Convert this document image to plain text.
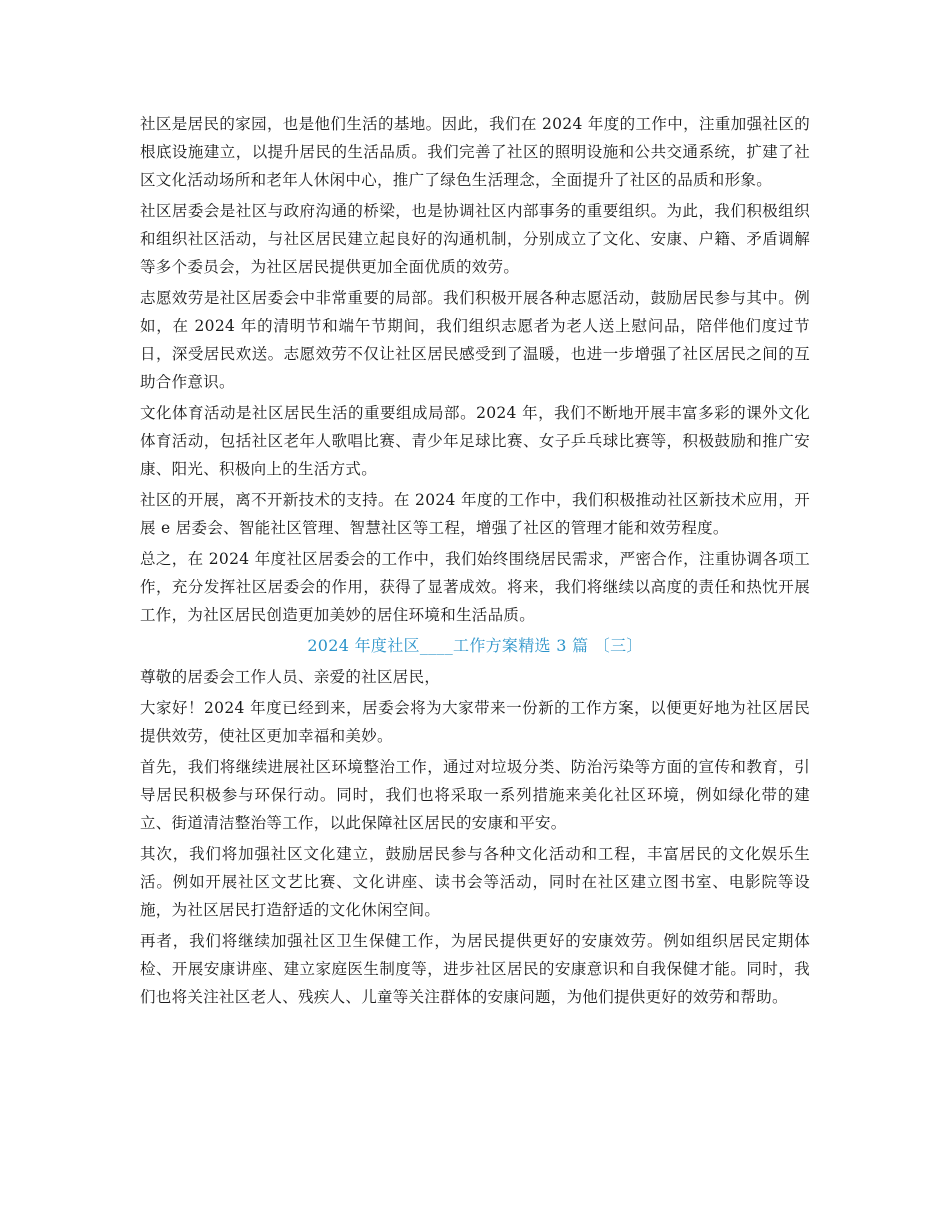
社区是居民的家园，也是他们生活的基地。因此，我们在 2024 年度的工作中，注重加强社区的根底设施建立，以提升居民的生活品质。我们完善了社区的照明设施和公共交通系统，扩建了社区文化活动场所和老年人休闲中心，推广了绿色生活理念，全面提升了社区的品质和形象。

社区居委会是社区与政府沟通的桥梁，也是协调社区内部事务的重要组织。为此，我们积极组织和组织社区活动，与社区居民建立起良好的沟通机制，分别成立了文化、安康、户籍、矛盾调解等多个委员会，为社区居民提供更加全面优质的效劳。

志愿效劳是社区居委会中非常重要的局部。我们积极开展各种志愿活动，鼓励居民参与其中。例如，在 2024 年的清明节和端午节期间，我们组织志愿者为老人送上慰问品，陪伴他们度过节日，深受居民欢送。志愿效劳不仅让社区居民感受到了温暖，也进一步增强了社区居民之间的互助合作意识。

文化体育活动是社区居民生活的重要组成局部。2024 年，我们不断地开展丰富多彩的课外文化体育活动，包括社区老年人歌唱比赛、青少年足球比赛、女子乒乓球比赛等，积极鼓励和推广安康、阳光、积极向上的生活方式。

社区的开展，离不开新技术的支持。在 2024 年度的工作中，我们积极推动社区新技术应用，开展 e 居委会、智能社区管理、智慧社区等工程，增强了社区的管理才能和效劳程度。

总之，在 2024 年度社区居委会的工作中，我们始终围绕居民需求，严密合作，注重协调各项工作，充分发挥社区居委会的作用，获得了显著成效。将来，我们将继续以高度的责任和热忱开展工作，为社区居民创造更加美妙的居住环境和生活品质。

2024 年度社区____工作方案精选 3 篇 〔三〕

尊敬的居委会工作人员、亲爱的社区居民，

大家好！2024 年度已经到来，居委会将为大家带来一份新的工作方案，以便更好地为社区居民提供效劳，使社区更加幸福和美妙。

首先，我们将继续进展社区环境整治工作，通过对垃圾分类、防治污染等方面的宣传和教育，引导居民积极参与环保行动。同时，我们也将采取一系列措施来美化社区环境，例如绿化带的建立、街道清洁整治等工作，以此保障社区居民的安康和平安。

其次，我们将加强社区文化建立，鼓励居民参与各种文化活动和工程，丰富居民的文化娱乐生活。例如开展社区文艺比赛、文化讲座、读书会等活动，同时在社区建立图书室、电影院等设施，为社区居民打造舒适的文化休闲空间。

再者，我们将继续加强社区卫生保健工作，为居民提供更好的安康效劳。例如组织居民定期体检、开展安康讲座、建立家庭医生制度等，进步社区居民的安康意识和自我保健才能。同时，我们也将关注社区老人、残疾人、儿童等关注群体的安康问题，为他们提供更好的效劳和帮助。
